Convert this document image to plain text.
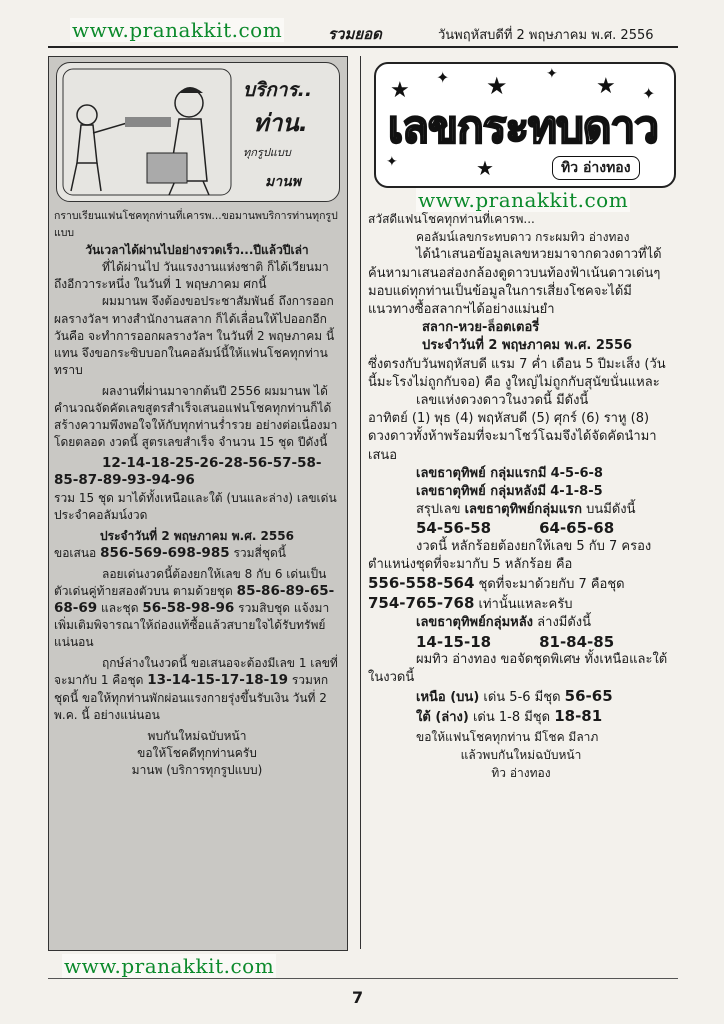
www.pranakkit.com	รวมยอด	วันพฤหัสบดีที่ 2 พฤษภาคม พ.ศ. 2556
บริการ..
ท่าน.
ทุกรูปแบบ
มานพ

กราบเรียนแฟนโชคทุกท่านที่เคารพ...ขอมานพบริการท่านทุกรูปแบบ

วันเวลาได้ผ่านไปอย่างรวดเร็ว...ปีแล้วปีเล่า

ที่ได้ผ่านไป วันแรงงานแห่งชาติ ก็ได้เวียนมาถึงอีกวาระหนึ่ง ในวันที่ 1 พฤษภาคม ศกนี้

ผมมานพ จึงต้องขอประชาสัมพันธ์ ถึงการออกผลรางวัลฯ ทางสำนักงานสลาก ก็ได้เลื่อนให้ไปออกอีกวันคือ จะทำการออกผลรางวัลฯ ในวันที่ 2 พฤษภาคม นี้แทน จึงขอกระซิบบอกในคอลัมน์นี้ให้แฟนโชคทุกท่านทราบ

ผลงานที่ผ่านมาจากต้นปี 2556 ผมมานพ ได้คำนวณจัดคัดเลขสูตรสำเร็จเสนอแฟนโชคทุกท่านก็ได้สร้างความพึงพอใจให้กับทุกท่านร่ำรวย อย่างต่อเนื่องมาโดยตลอด งวดนี้ สูตรเลขสำเร็จ จำนวน 15 ชุด ปีดังนี้

12-14-18-25-26-28-56-57-58-85-87-89-93-94-96

รวม 15 ชุด มาได้ทั้งเหนือและใต้ (บนและล่าง) เลขเด่นประจำคอลัมน์งวด

ประจำวันที่ 2 พฤษภาคม พ.ศ. 2556

ขอเสนอ 856-569-698-985 รวมสี่ชุดนี้

ลอยเด่นงวดนี้ต้องยกให้เลข 8 กับ 6 เด่นเป็นตัวเด่นคู่ท้ายสองตัวบน ตามด้วยชุด 85-86-89-65-68-69 และชุด 56-58-98-96 รวมสิบชุด แจ้งมาเพิ่มเติมพิจารณาให้ถ่องแท้ซื้อแล้วสบายใจได้รับทรัพย์แน่นอน

ฤกษ์ล่างในงวดนี้ ขอเสนอจะต้องมีเลข 1 เลขที่จะมากับ 1 คือชุด 13-14-15-17-18-19 รวมหกชุดนี้ ขอให้ทุกท่านพักผ่อนแรงกายรุ่งขึ้นรับเงิน วันที่ 2 พ.ค. นี้ อย่างแน่นอน

พบกันใหม่ฉบับหน้า

ขอให้โชคดีทุกท่านครับ

มานพ (บริการทุกรูปแบบ)

★
✦ ★	✦ ★ ✦
★
✦
เลขกระทบดาว
ทิว อ่างทอง
www.pranakkit.com

สวัสดีแฟนโชคทุกท่านที่เคารพ...

คอลัมน์เลขกระทบดาว กระผมทิว อ่างทอง

ได้นำเสนอข้อมูลเลขหวยมาจากดวงดาวที่ได้ค้นหามาเสนอส่องกล้องดูดาวบนท้องฟ้าเน้นดาวเด่นๆมอบแด่ทุกท่านเป็นข้อมูลในการเสี่ยงโชคจะได้มีแนวทางซื้อสลากฯได้อย่างแม่นยำ

สลาก-หวย-ล็อตเตอรี่

ประจำวันที่ 2 พฤษภาคม พ.ศ. 2556

ซึ่งตรงกับวันพฤหัสบดี แรม 7 ค่ำ เดือน 5 ปีมะเส็ง (วันนี้มะโรงไม่ถูกกับจอ) คือ งูใหญ่ไม่ถูกกับสุนัขนั่นแหละ

เลขแห่งดวงดาวในงวดนี้ มีดังนี้

อาทิตย์ (1) พุธ (4) พฤหัสบดี (5) ศุกร์ (6) ราหู (8) ดวงดาวทั้งห้าพร้อมที่จะมาโชว์โฉมจึงได้จัดคัดนำมาเสนอ

เลขธาตุทิพย์ กลุ่มแรกมี 4-5-6-8

เลขธาตุทิพย์ กลุ่มหลังมี 4-1-8-5

สรุปเลข เลขธาตุทิพย์กลุ่มแรก บนมีดังนี้

54-56-58	64-65-68

งวดนี้ หลักร้อยต้องยกให้เลข 5 กับ 7 ครองตำแหน่งชุดที่จะมากับ 5 หลักร้อย คือ

556-558-564 ชุดที่จะมาด้วยกับ 7 คือชุด

754-765-768 เท่านั้นแหละครับ

เลขธาตุทิพย์กลุ่มหลัง ล่างมีดังนี้

14-15-18	81-84-85

ผมทิว อ่างทอง ขอจัดชุดพิเศษ ทั้งเหนือและใต้ ในงวดนี้

เหนือ (บน) เด่น 5-6 มีชุด 56-65

ใต้ (ล่าง) เด่น 1-8 มีชุด 18-81

ขอให้แฟนโชคทุกท่าน มีโชค มีลาภ

แล้วพบกันใหม่ฉบับหน้า

ทิว อ่างทอง

www.pranakkit.com
7
